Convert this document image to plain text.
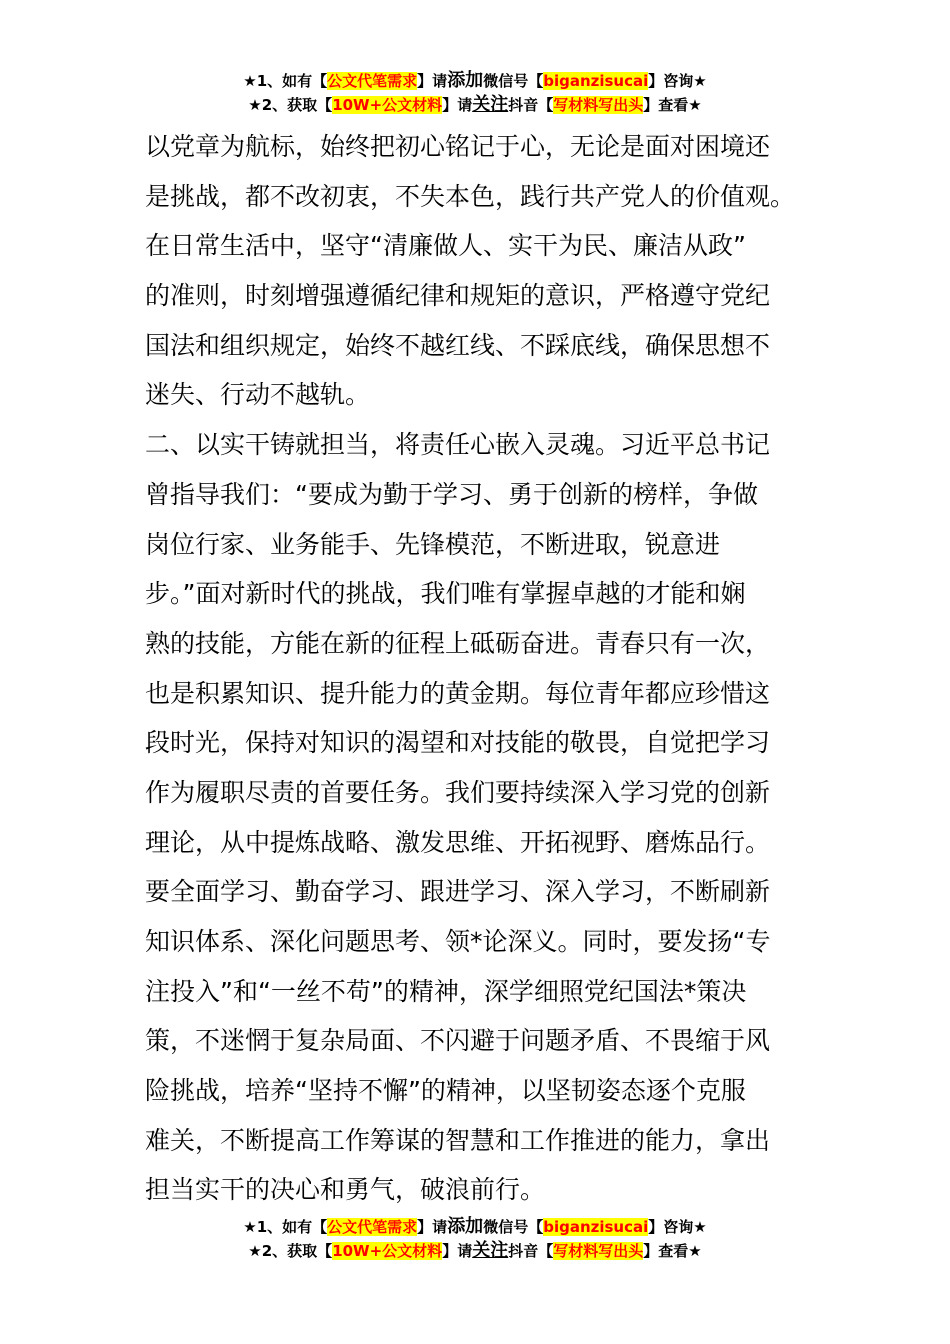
★1、如有【公文代笔需求】请添加微信号【biganzisucai】咨询★
★2、获取【10W+公文材料】请关注抖音【写材料写出头】查看★
以党章为航标，始终把初心铭记于心，无论是面对困境还
是挑战，都不改初衷，不失本色，践行共产党人的价值观。
在日常生活中，坚守“清廉做人、实干为民、廉洁从政”
的准则，时刻增强遵循纪律和规矩的意识，严格遵守党纪
国法和组织规定，始终不越红线、不踩底线，确保思想不
迷失、行动不越轨。
二、以实干铸就担当，将责任心嵌入灵魂。习近平总书记
曾指导我们：“要成为勤于学习、勇于创新的榜样，争做
岗位行家、业务能手、先锋模范，不断进取，锐意进
步。”面对新时代的挑战，我们唯有掌握卓越的才能和娴
熟的技能，方能在新的征程上砥砺奋进。青春只有一次，
也是积累知识、提升能力的黄金期。每位青年都应珍惜这
段时光，保持对知识的渴望和对技能的敬畏，自觉把学习
作为履职尽责的首要任务。我们要持续深入学习党的创新
理论，从中提炼战略、激发思维、开拓视野、磨炼品行。
要全面学习、勤奋学习、跟进学习、深入学习，不断刷新
知识体系、深化问题思考、领*论深义。同时，要发扬“专
注投入”和“一丝不苟”的精神，深学细照党纪国法*策决
策，不迷惘于复杂局面、不闪避于问题矛盾、不畏缩于风
险挑战，培养“坚持不懈”的精神，以坚韧姿态逐个克服
难关，不断提高工作筹谋的智慧和工作推进的能力，拿出
担当实干的决心和勇气，破浪前行。
★1、如有【公文代笔需求】请添加微信号【biganzisucai】咨询★
★2、获取【10W+公文材料】请关注抖音【写材料写出头】查看★
